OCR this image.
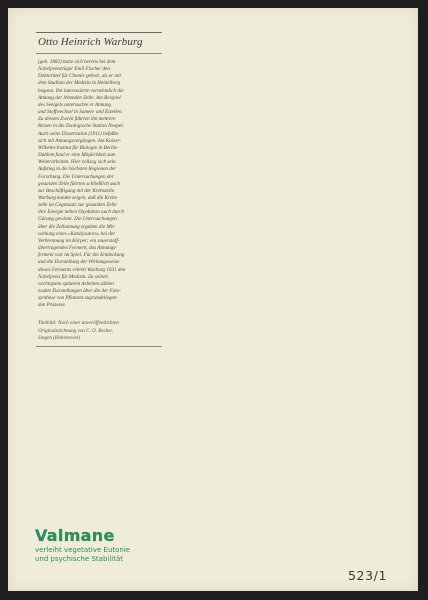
Otto Heinrich Warburg
(geb. 1883) hatte sich bereits bei dem
Nobelpreisträger Emil Fischer den
Doktortitel für Chemie geholt, als er mit
dem Studium der Medizin in Heidelberg
begann. Ihn interessierte vornehmlich die
Atmung der lebenden Zelle. Am Beispiel
des Seeigels untersuchte er Atmung
und Stoffwechsel in Samen- und Eizellen.
Zu diesem Zweck führten ihn mehrere
Reisen in die Zoologische Station Neapel.
Auch seine Dissertation (1911) befaßte
sich mit Atmungsvorgängen. Am Kaiser-
Wilhelm-Institut für Biologie in Berlin-
Dahlem fand er eine Möglichkeit zum
Weiterarbeiten. Hier vollzog sich sein
Aufstieg in die höchsten Regionen der
Forschung. Die Untersuchungen der
gesunden Zelle führten schließlich auch
zur Beschäftigung mit der Krebszelle.
Warburg konnte zeigen, daß die Krebs-
zelle im Gegensatz zur gesunden Zelle
ihre Energie neben Oxydation auch durch
Gärung gewinnt. Die Untersuchungen
über die Zellatmung ergaben die Mit-
wirkung eines »Katalysators« bei der
Verbrennung im Körper; ein sauerstoff-
übertragendes Ferment, das Atmungs-
ferment war im Spiel. Für die Entdeckung
und die Darstellung der Wirkungsweise
dieses Ferments erhielt Warburg 1931 den
Nobelpreis für Medizin. Zu seinen
wichtigsten späteren Arbeiten zählen
exakte Darstellungen über die der Foto-
synthese von Pflanzen zugrundeliegen-
den Prozesse.
Titelbild: Nach einer unveröffentlichten
Originalzeichnung von C. O. Becker,
Singen (Hohentwiel)
Valmane
verleiht vegetative Eutonie
und psychische Stabilität
523/1
